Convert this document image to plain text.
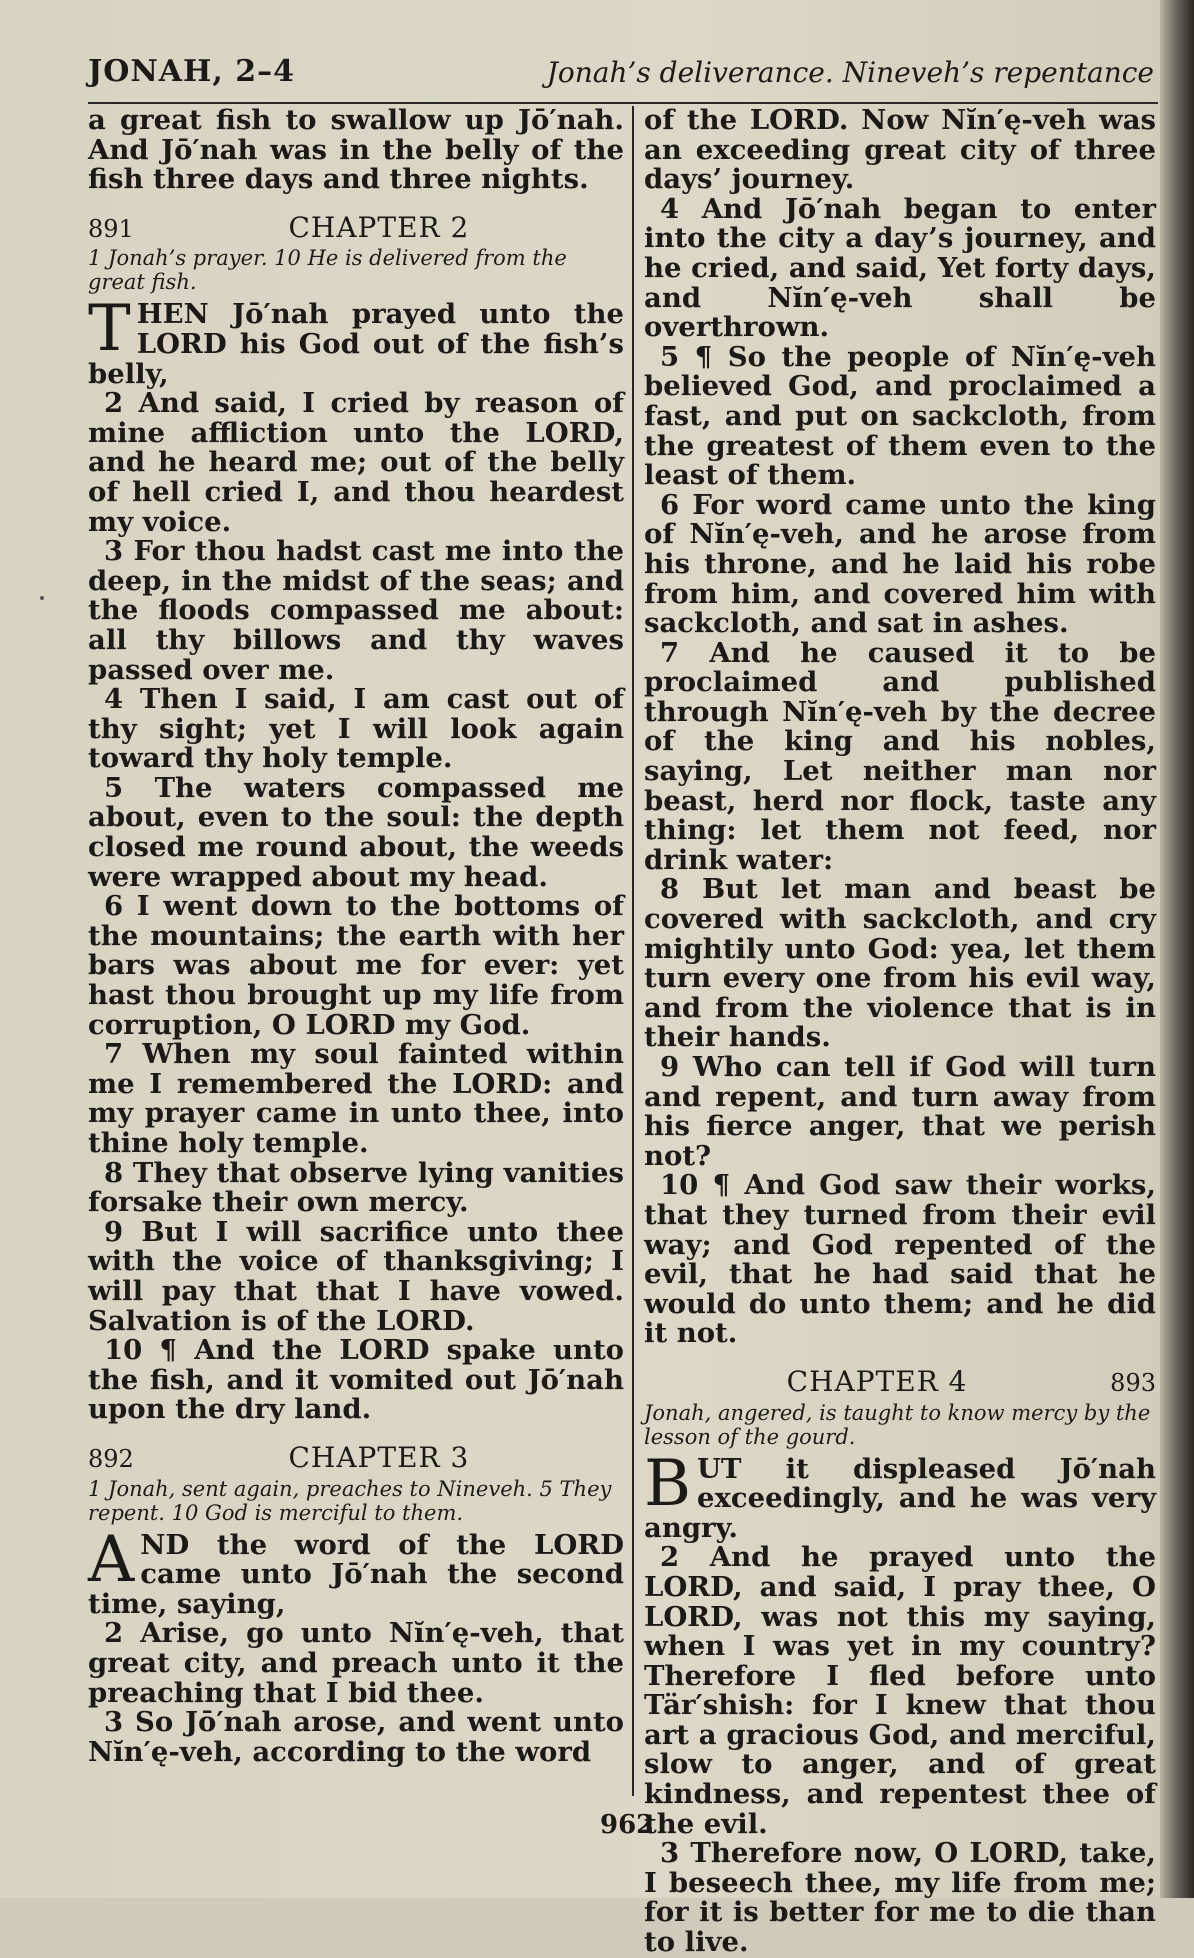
JONAH, 2–4	Jonah’s deliverance. Nineveh’s repentance

a great fish to swallow up Jō′nah. And Jō′nah was in the belly of the fish three days and three nights.

891	CHAPTER 2
1 Jonah’s prayer. 10 He is delivered from the great fish.

T HEN Jō′nah prayed unto the LORD his God out of the fish’s belly,

2 And said, I cried by reason of mine affliction unto the LORD, and he heard me; out of the belly of hell cried I, and thou heardest my voice.

3 For thou hadst cast me into the deep, in the midst of the seas; and the floods compassed me about: all thy billows and thy waves passed over me.

4 Then I said, I am cast out of thy sight; yet I will look again toward thy holy temple.

5 The waters compassed me about, even to the soul: the depth closed me round about, the weeds were wrapped about my head.

6 I went down to the bottoms of the mountains; the earth with her bars was about me for ever: yet hast thou brought up my life from corruption, O LORD my God.

7 When my soul fainted within me I remembered the LORD: and my prayer came in unto thee, into thine holy temple.

8 They that observe lying vanities forsake their own mercy.

9 But I will sacrifice unto thee with the voice of thanksgiving; I will pay that that I have vowed. Salvation is of the LORD.

10 ¶ And the LORD spake unto the fish, and it vomited out Jō′nah upon the dry land.

892	CHAPTER 3
1 Jonah, sent again, preaches to Nineveh. 5 They repent. 10 God is merciful to them.

A ND the word of the LORD came unto Jō′nah the second time, saying,

2 Arise, go unto Nĭn′ę-veh, that great city, and preach unto it the preaching that I bid thee.

3 So Jō′nah arose, and went unto Nĭn′ę-veh, according to the word

of the LORD. Now Nĭn′ę-veh was an exceeding great city of three days’ journey.

4 And Jō′nah began to enter into the city a day’s journey, and he cried, and said, Yet forty days, and Nĭn′ę-veh shall be overthrown.

5 ¶ So the people of Nĭn′ę-veh believed God, and proclaimed a fast, and put on sackcloth, from the greatest of them even to the least of them.

6 For word came unto the king of Nĭn′ę-veh, and he arose from his throne, and he laid his robe from him, and covered him with sackcloth, and sat in ashes.

7 And he caused it to be proclaimed and published through Nĭn′ę-veh by the decree of the king and his nobles, saying, Let neither man nor beast, herd nor flock, taste any thing: let them not feed, nor drink water:

8 But let man and beast be covered with sackcloth, and cry mightily unto God: yea, let them turn every one from his evil way, and from the violence that is in their hands.

9 Who can tell if God will turn and repent, and turn away from his fierce anger, that we perish not?

10 ¶ And God saw their works, that they turned from their evil way; and God repented of the evil, that he had said that he would do unto them; and he did it not.

CHAPTER 4	893
Jonah, angered, is taught to know mercy by the lesson of the gourd.

B UT it displeased Jō′nah exceedingly, and he was very angry.

2 And he prayed unto the LORD, and said, I pray thee, O LORD, was not this my saying, when I was yet in my country? Therefore I fled before unto Tär′shish: for I knew that thou art a gracious God, and merciful, slow to anger, and of great kindness, and repentest thee of the evil.

3 Therefore now, O LORD, take, I beseech thee, my life from me; for it is better for me to die than to live.

962
